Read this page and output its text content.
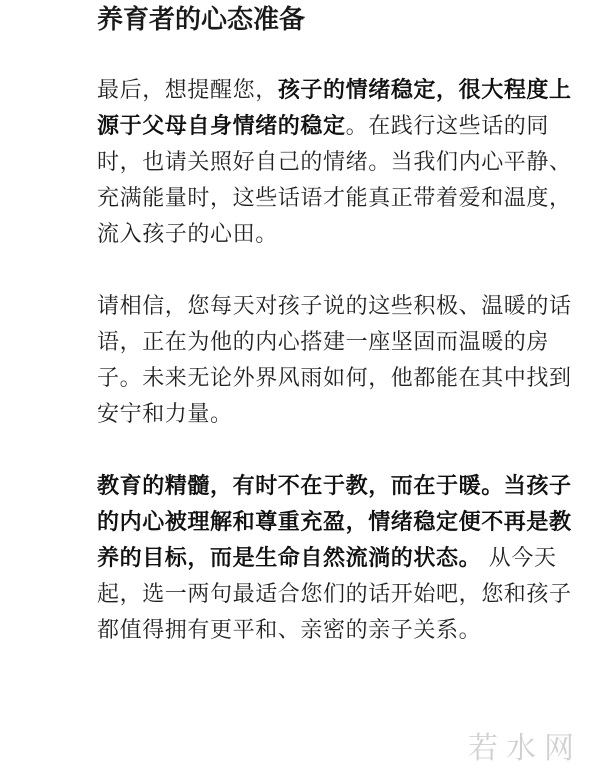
养育者的心态准备

最后，想提醒您，孩子的情绪稳定，很大程度上源于父母自身情绪的稳定。在践行这些话的同时，也请关照好自己的情绪。当我们内心平静、充满能量时，这些话语才能真正带着爱和温度，流入孩子的心田。

请相信，您每天对孩子说的这些积极、温暖的话语，正在为他的内心搭建一座坚固而温暖的房子。未来无论外界风雨如何，他都能在其中找到安宁和力量。

教育的精髓，有时不在于教，而在于暖。当孩子的内心被理解和尊重充盈，情绪稳定便不再是教养的目标，而是生命自然流淌的状态。 从今天起，选一两句最适合您们的话开始吧，您和孩子都值得拥有更平和、亲密的亲子关系。

若水网
